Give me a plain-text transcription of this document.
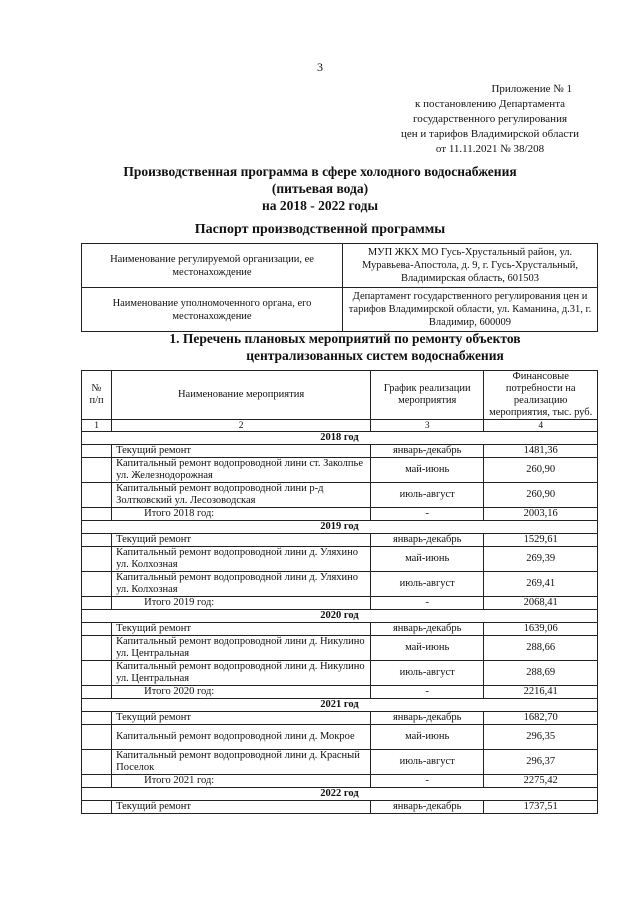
3
Приложение № 1
к постановлению Департамента
государственного регулирования
цен и тарифов Владимирской области
от 11.11.2021 № 38/208
Производственная программа в сфере холодного водоснабжения
(питьевая вода)
на 2018 - 2022 годы
Паспорт производственной программы
Наименование регулируемой организации, ее местонахождение	МУП ЖКХ МО Гусь-Хрустальный район, ул. Муравьева-Апостола, д. 9, г. Гусь-Хрустальный, Владимирская область, 601503
Наименование уполномоченного органа, его местонахождение	Департамент государственного регулирования цен и тарифов Владимирской области, ул. Каманина, д.31, г. Владимир, 600009
1. Перечень плановых мероприятий по ремонту объектов
централизованных систем водоснабжения
№ п/п	Наименование мероприятия	График реализации мероприятия	Финансовые потребности на реализацию мероприятия, тыс. руб.
1	2	3	4
2018 год			
	Текущий ремонт	январь-декабрь	1481,36
	Капитальный ремонт водопроводной лини ст. Заколпье ул. Железнодорожная	май-июнь	260,90
	Капитальный ремонт водопроводной лини р-д Золтковский ул. Лесозоводская	июль-август	260,90
	Итого 2018 год:	-	2003,16
2019 год			
	Текущий ремонт	январь-декабрь	1529,61
	Капитальный ремонт водопроводной лини д. Уляхино ул. Колхозная	май-июнь	269,39
	Капитальный ремонт водопроводной лини д. Уляхино ул. Колхозная	июль-август	269,41
	Итого 2019 год:	-	2068,41
2020 год			
	Текущий ремонт	январь-декабрь	1639,06
	Капитальный ремонт водопроводной лини д. Никулино ул. Центральная	май-июнь	288,66
	Капитальный ремонт водопроводной лини д. Никулино ул. Центральная	июль-август	288,69
	Итого 2020 год:	-	2216,41
2021 год			
	Текущий ремонт	январь-декабрь	1682,70
	Капитальный ремонт водопроводной лини д. Мокрое	май-июнь	296,35
	Капитальный ремонт водопроводной лини д. Красный Поселок	июль-август	296,37
	Итого 2021 год:	-	2275,42
2022 год			
	Текущий ремонт	январь-декабрь	1737,51
